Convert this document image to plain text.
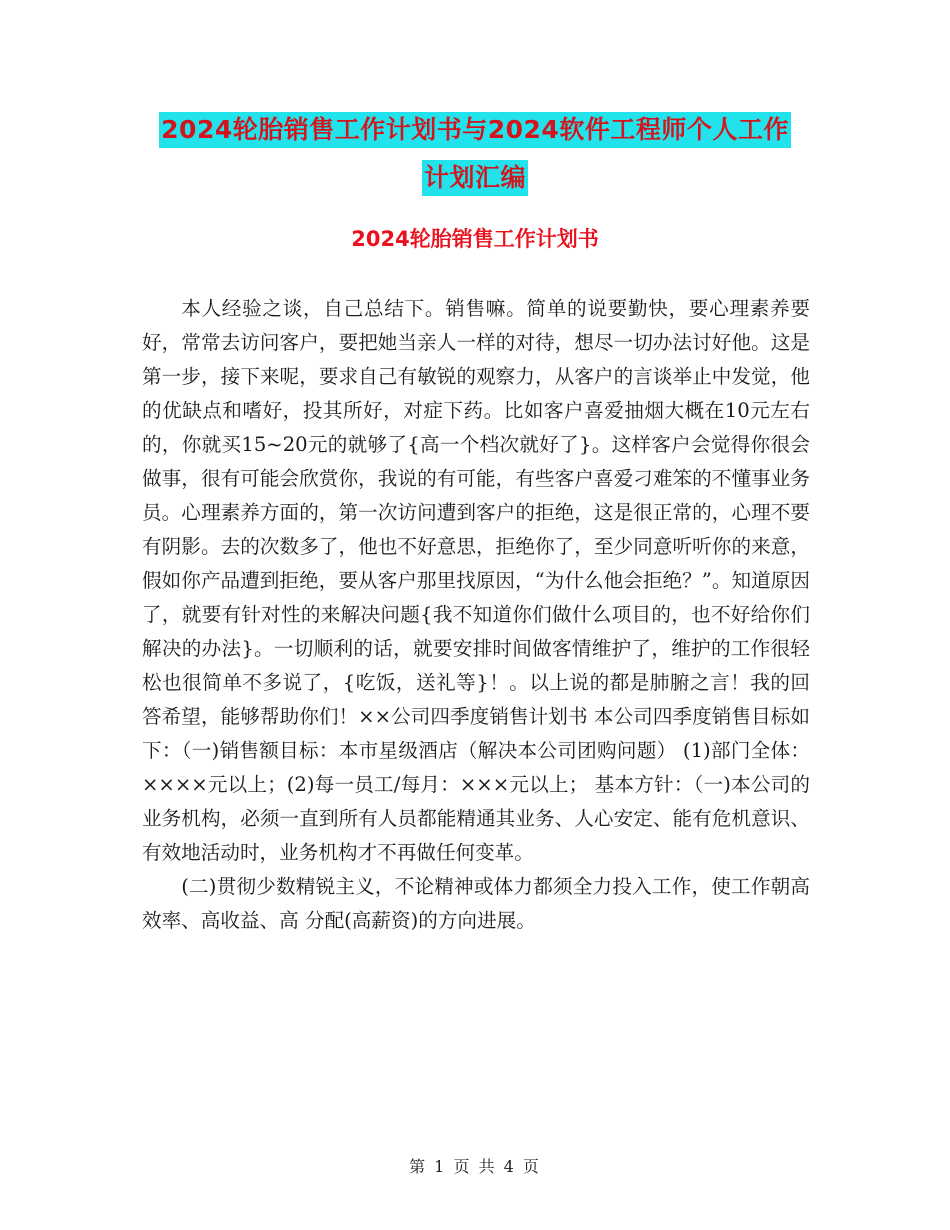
2024轮胎销售工作计划书与2024软件工程师个人工作
计划汇编
2024轮胎销售工作计划书

本人经验之谈，自己总结下。销售嘛。简单的说要勤快，要心理素养要好，常常去访问客户，要把她当亲人一样的对待，想尽一切办法讨好他。这是第一步，接下来呢，要求自己有敏锐的观察力，从客户的言谈举止中发觉，他的优缺点和嗜好，投其所好，对症下药。比如客户喜爱抽烟大概在10元左右的，你就买15~20元的就够了{高一个档次就好了}。这样客户会觉得你很会做事，很有可能会欣赏你，我说的有可能，有些客户喜爱刁难笨的不懂事业务员。心理素养方面的，第一次访问遭到客户的拒绝，这是很正常的，心理不要有阴影。去的次数多了，他也不好意思，拒绝你了，至少同意听听你的来意，假如你产品遭到拒绝，要从客户那里找原因，“为什么他会拒绝？”。知道原因了，就要有针对性的来解决问题{我不知道你们做什么项目的，也不好给你们解决的办法}。一切顺利的话，就要安排时间做客情维护了，维护的工作很轻松也很简单不多说了，{吃饭，送礼等}！。以上说的都是肺腑之言！我的回答希望，能够帮助你们！××公司四季度销售计划书 本公司四季度销售目标如下：（一)销售额目标：本市星级酒店（解决本公司团购问题） (1)部门全体：××××元以上；(2)每一员工/每月：×××元以上； 基本方针：（一)本公司的业务机构，必须一直到所有人员都能精通其业务、人心安定、能有危机意识、 有效地活动时，业务机构才不再做任何变革。

(二)贯彻少数精锐主义，不论精神或体力都须全力投入工作，使工作朝高效率、高收益、高 分配(高薪资)的方向进展。

第 1 页 共 4 页
